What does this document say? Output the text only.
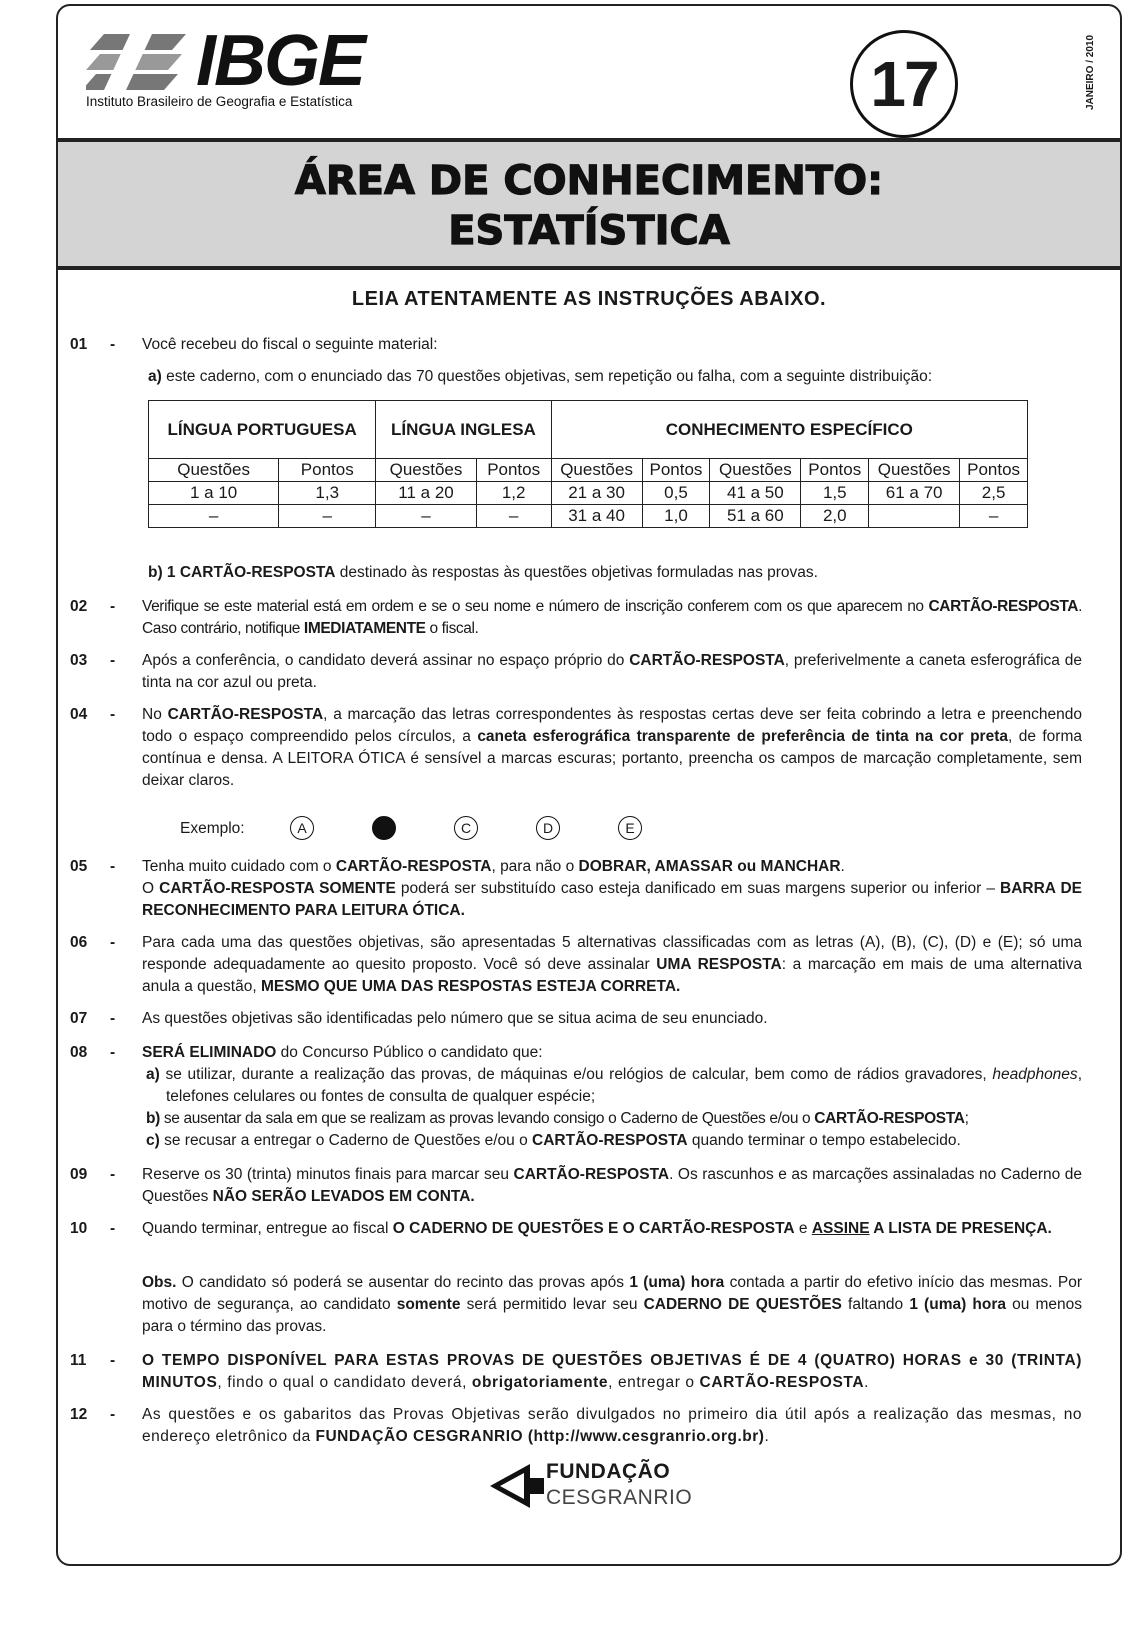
IBGE
Instituto Brasileiro de Geografia e Estatística	17	JANEIRO / 2010
ÁREA DE CONHECIMENTO:
ESTATÍSTICA
LEIA ATENTAMENTE AS INSTRUÇÕES ABAIXO.
01 - Você recebeu do fiscal o seguinte material:
a) este caderno, com o enunciado das 70 questões objetivas, sem repetição ou falha, com a seguinte distribuição:
LÍNGUA PORTUGUESA		LÍNGUA INGLESA		CONHECIMENTO ESPECÍFICO					
Questões	Pontos	Questões	Pontos	Questões	Pontos	Questões	Pontos	Questões	Pontos
1 a 10	1,3	11 a 20	1,2	21 a 30	0,5	41 a 50	1,5	61 a 70	2,5
–	–	–	–	31 a 40	1,0	51 a 60	2,0		–
b) 1 CARTÃO-RESPOSTA destinado às respostas às questões objetivas formuladas nas provas.
02 - Verifique se este material está em ordem e se o seu nome e número de inscrição conferem com os que aparecem no CARTÃO-RESPOSTA. Caso contrário, notifique IMEDIATAMENTE o fiscal.
03 - Após a conferência, o candidato deverá assinar no espaço próprio do CARTÃO-RESPOSTA, preferivelmente a caneta esferográfica de tinta na cor azul ou preta.
04 - No CARTÃO-RESPOSTA, a marcação das letras correspondentes às respostas certas deve ser feita cobrindo a letra e preenchendo todo o espaço compreendido pelos círculos, a caneta esferográfica transparente de preferência de tinta na cor preta, de forma contínua e densa. A LEITORA ÓTICA é sensível a marcas escuras; portanto, preencha os campos de marcação completamente, sem deixar claros.
Exemplo:	A	C	D	E
05 - Tenha muito cuidado com o CARTÃO-RESPOSTA, para não o DOBRAR, AMASSAR ou MANCHAR.
O CARTÃO-RESPOSTA SOMENTE poderá ser substituído caso esteja danificado em suas margens superior ou inferior – BARRA DE RECONHECIMENTO PARA LEITURA ÓTICA.
06 - Para cada uma das questões objetivas, são apresentadas 5 alternativas classificadas com as letras (A), (B), (C), (D) e (E); só uma responde adequadamente ao quesito proposto. Você só deve assinalar UMA RESPOSTA: a marcação em mais de uma alternativa anula a questão, MESMO QUE UMA DAS RESPOSTAS ESTEJA CORRETA.
07 - As questões objetivas são identificadas pelo número que se situa acima de seu enunciado.
08 - SERÁ ELIMINADO do Concurso Público o candidato que:
a) se utilizar, durante a realização das provas, de máquinas e/ou relógios de calcular, bem como de rádios gravadores, headphones, telefones celulares ou fontes de consulta de qualquer espécie;
b) se ausentar da sala em que se realizam as provas levando consigo o Caderno de Questões e/ou o CARTÃO-RESPOSTA;
c) se recusar a entregar o Caderno de Questões e/ou o CARTÃO-RESPOSTA quando terminar o tempo estabelecido.
09 - Reserve os 30 (trinta) minutos finais para marcar seu CARTÃO-RESPOSTA. Os rascunhos e as marcações assinaladas no Caderno de Questões NÃO SERÃO LEVADOS EM CONTA.
10 - Quando terminar, entregue ao fiscal O CADERNO DE QUESTÕES E O CARTÃO-RESPOSTA e ASSINE A LISTA DE PRESENÇA.
Obs. O candidato só poderá se ausentar do recinto das provas após 1 (uma) hora contada a partir do efetivo início das mesmas. Por motivo de segurança, ao candidato somente será permitido levar seu CADERNO DE QUESTÕES faltando 1 (uma) hora ou menos para o término das provas.
11 - O TEMPO DISPONÍVEL PARA ESTAS PROVAS DE QUESTÕES OBJETIVAS É DE 4 (QUATRO) HORAS e 30 (TRINTA) MINUTOS, findo o qual o candidato deverá, obrigatoriamente, entregar o CARTÃO-RESPOSTA.
12 - As questões e os gabaritos das Provas Objetivas serão divulgados no primeiro dia útil após a realização das mesmas, no endereço eletrônico da FUNDAÇÃO CESGRANRIO (http://www.cesgranrio.org.br).
FUNDAÇÃO
CESGRANRIO
